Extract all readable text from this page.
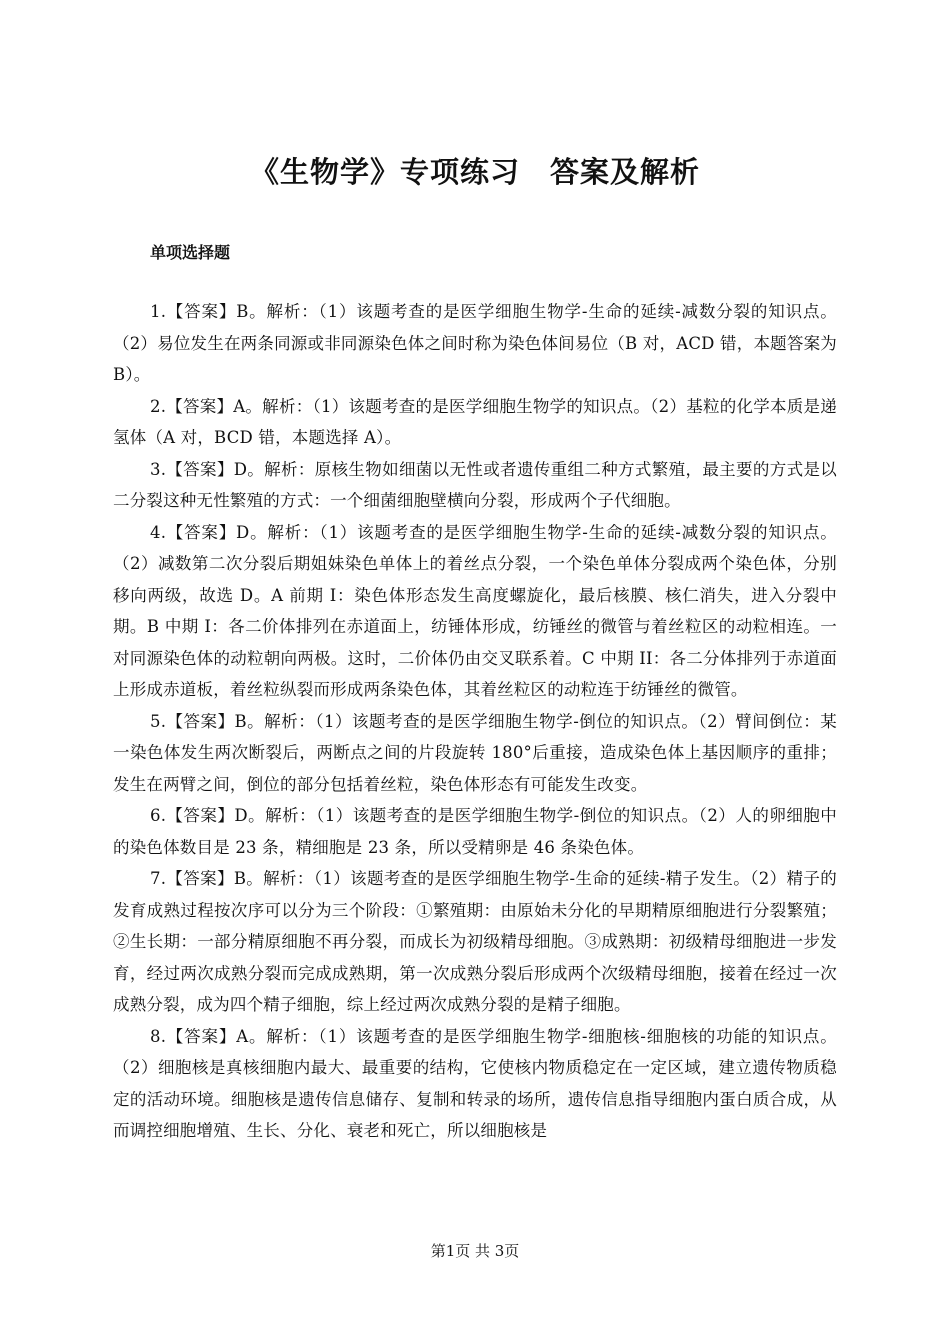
《生物学》专项练习　答案及解析
单项选择题
1.【答案】B。解析：（1）该题考查的是医学细胞生物学-生命的延续-减数分裂的知识点。（2）易位发生在两条同源或非同源染色体之间时称为染色体间易位（B 对，ACD 错，本题答案为 B）。
2.【答案】A。解析：（1）该题考查的是医学细胞生物学的知识点。（2）基粒的化学本质是递氢体（A 对，BCD 错，本题选择 A）。
3.【答案】D。解析：原核生物如细菌以无性或者遗传重组二种方式繁殖，最主要的方式是以二分裂这种无性繁殖的方式：一个细菌细胞壁横向分裂，形成两个子代细胞。
4.【答案】D。解析：（1）该题考查的是医学细胞生物学-生命的延续-减数分裂的知识点。（2）减数第二次分裂后期姐妹染色单体上的着丝点分裂，一个染色单体分裂成两个染色体，分别移向两级，故选 D。A 前期 I：染色体形态发生高度螺旋化，最后核膜、核仁消失，进入分裂中期。B 中期 I：各二价体排列在赤道面上，纺锤体形成，纺锤丝的微管与着丝粒区的动粒相连。一对同源染色体的动粒朝向两极。这时，二价体仍由交叉联系着。C 中期 II：各二分体排列于赤道面上形成赤道板，着丝粒纵裂而形成两条染色体，其着丝粒区的动粒连于纺锤丝的微管。
5.【答案】B。解析：（1）该题考查的是医学细胞生物学-倒位的知识点。（2）臂间倒位：某一染色体发生两次断裂后，两断点之间的片段旋转 180°后重接，造成染色体上基因顺序的重排；发生在两臂之间，倒位的部分包括着丝粒，染色体形态有可能发生改变。
6.【答案】D。解析：（1）该题考查的是医学细胞生物学-倒位的知识点。（2）人的卵细胞中的染色体数目是 23 条，精细胞是 23 条，所以受精卵是 46 条染色体。
7.【答案】B。解析：（1）该题考查的是医学细胞生物学-生命的延续-精子发生。（2）精子的发育成熟过程按次序可以分为三个阶段：①繁殖期：由原始未分化的早期精原细胞进行分裂繁殖；②生长期：一部分精原细胞不再分裂，而成长为初级精母细胞。③成熟期：初级精母细胞进一步发育，经过两次成熟分裂而完成成熟期，第一次成熟分裂后形成两个次级精母细胞，接着在经过一次成熟分裂，成为四个精子细胞，综上经过两次成熟分裂的是精子细胞。
8.【答案】A。解析：（1）该题考查的是医学细胞生物学-细胞核-细胞核的功能的知识点。（2）细胞核是真核细胞内最大、最重要的结构，它使核内物质稳定在一定区域，建立遗传物质稳定的活动环境。细胞核是遗传信息储存、复制和转录的场所，遗传信息指导细胞内蛋白质合成，从而调控细胞增殖、生长、分化、衰老和死亡，所以细胞核是
第1页 共 3页
